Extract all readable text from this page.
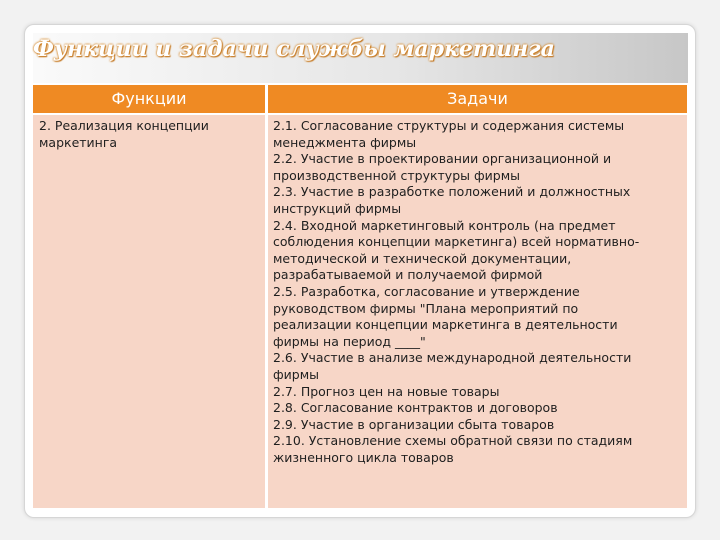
Функции и задачи службы маркетинга
Функции	Задачи
2. Реализация концепции
маркетинга
2.1. Согласование структуры и содержания системы
менеджмента фирмы
2.2. Участие в проектировании организационной и
производственной структуры фирмы
2.3. Участие в разработке положений и должностных
инструкций фирмы
2.4. Входной маркетинговый контроль (на предмет
соблюдения концепции маркетинга) всей нормативно-
методической и технической документации,
разрабатываемой и получаемой фирмой
2.5. Разработка, согласование и утверждение
руководством фирмы "Плана мероприятий по
реализации концепции маркетинга в деятельности
фирмы на период ____"
2.6. Участие в анализе международной деятельности
фирмы
2.7. Прогноз цен на новые товары
2.8. Согласование контрактов и договоров
2.9. Участие в организации сбыта товаров
2.10. Установление схемы обратной связи по стадиям
жизненного цикла товаров
